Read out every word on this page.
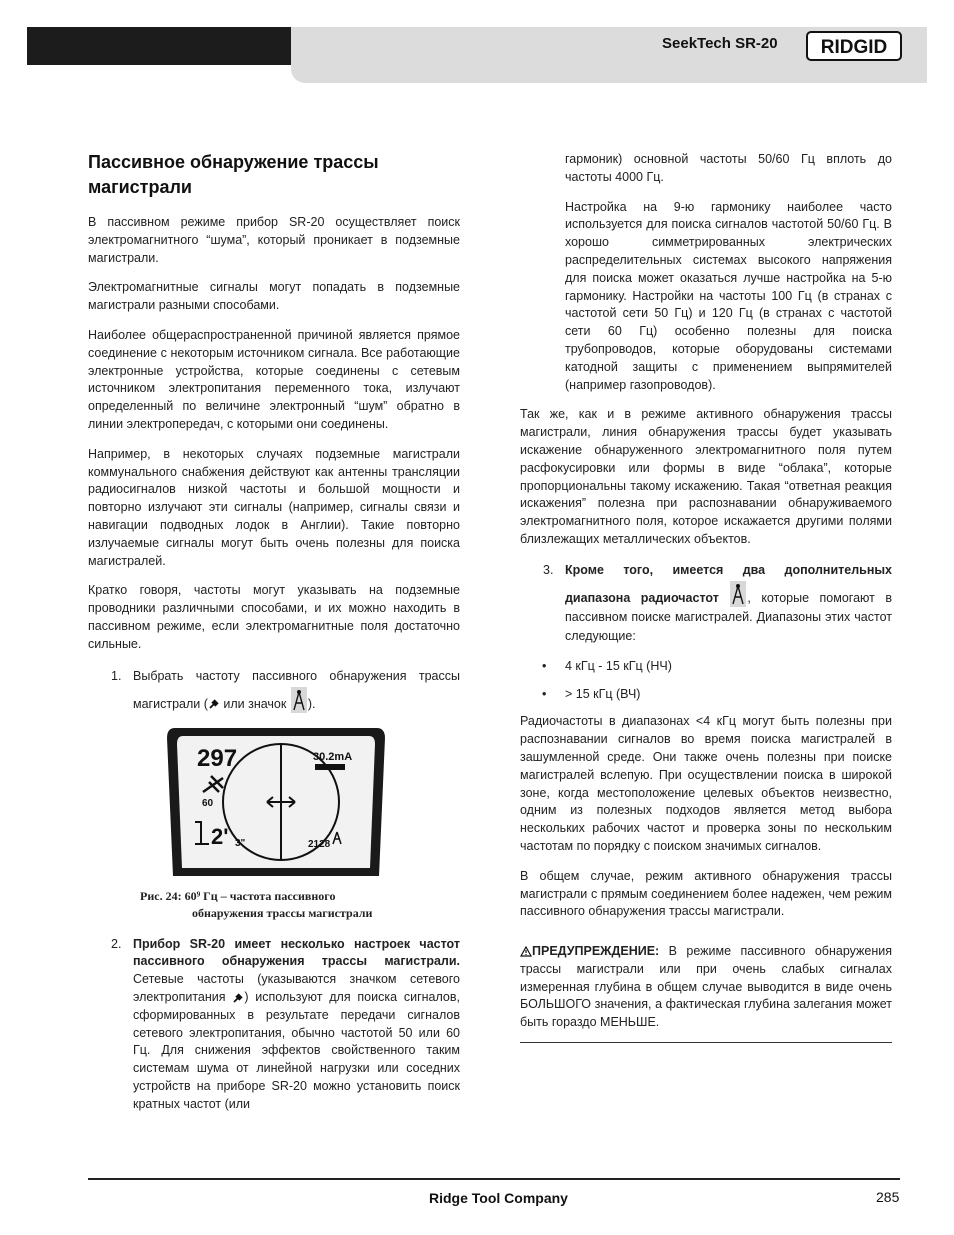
SeekTech SR-20 RIDGID
Пассивное обнаружение трассы магистрали

В пассивном режиме прибор SR-20 осуществляет поиск электромагнитного “шума”, который проникает в подземные магистрали.

Электромагнитные сигналы могут попадать в подземные магистрали разными способами.

Наиболее общераспространенной причиной является прямое соединение с некоторым источником сигнала. Все работающие электронные устройства, которые соединены с сетевым источником электропитания переменного тока, излучают определенный по величине электронный “шум” обратно в линии электропередач, с которыми они соединены.

Например, в некоторых случаях подземные магистрали коммунального снабжения действуют как антенны трансляции радиосигналов низкой частоты и большой мощности и повторно излучают эти сигналы (например, сигналы связи и навигации подводных лодок в Англии). Такие повторно излучаемые сигналы могут быть очень полезны для поиска магистралей.

Кратко говоря, частоты могут указывать на подземные проводники различными способами, и их можно находить в пассивном режиме, если электромагнитные поля достаточно сильные.

1. Выбрать частоту пассивного обнаружения трассы магистрали ( или значок ).
297	30.2mA
60
2' 3"	2128
Рис. 24: 60⁹ Гц – частота пассивного
обнаружения трассы магистрали
2. Прибор SR-20 имеет несколько настроек частот пассивного обнаружения трассы магистрали. Сетевые частоты (указываются значком сетевого электропитания ) используют для поиска сигналов, сформированных в результате передачи сигналов сетевого электропитания, обычно частотой 50 или 60 Гц. Для снижения эффектов свойственного таким системам шума от линейной нагрузки или соседних устройств на приборе SR-20 можно установить поиск кратных частот (или

гармоник) основной частоты 50/60 Гц вплоть до частоты 4000 Гц.

Настройка на 9-ю гармонику наиболее часто используется для поиска сигналов частотой 50/60 Гц. В хорошо симметрированных электрических распределительных системах высокого напряжения для поиска может оказаться лучше настройка на 5-ю гармонику. Настройки на частоты 100 Гц (в странах с частотой сети 50 Гц) и 120 Гц (в странах с частотой сети 60 Гц) особенно полезны для поиска трубопроводов, которые оборудованы системами катодной защиты с применением выпрямителей (например газопроводов).

Так же, как и в режиме активного обнаружения трассы магистрали, линия обнаружения трассы будет указывать искажение обнаруженного электромагнитного поля путем расфокусировки или формы в виде “облака”, которые пропорциональны такому искажению. Такая “ответная реакция искажения” полезна при распознавании обнаруживаемого электромагнитного поля, которое искажается другими полями близлежащих металлических объектов.

3. Кроме того, имеется два дополнительных диапазона радиочастот , которые помогают в пассивном поиске магистралей. Диапазоны этих частот следующие:
• 4 кГц - 15 кГц (НЧ)
• > 15 кГц (ВЧ)

Радиочастоты в диапазонах <4 кГц могут быть полезны при распознавании сигналов во время поиска магистралей в зашумленной среде. Они также очень полезны при поиске магистралей вслепую. При осуществлении поиска в широкой зоне, когда местоположение целевых объектов неизвестно, одним из полезных подходов является метод выбора нескольких рабочих частот и проверка зоны по нескольким частотам по порядку с поиском значимых сигналов.

В общем случае, режим активного обнаружения трассы магистрали с прямым соединением более надежен, чем режим пассивного обнаружения трассы магистрали.

ПРЕДУПРЕЖДЕНИЕ: В режиме пассивного обнаружения трассы магистрали или при очень слабых сигналах измеренная глубина в общем случае выводится в виде очень БОЛЬШОГО значения, а фактическая глубина залегания может быть гораздо МЕНЬШЕ.

Ridge Tool Company	285
